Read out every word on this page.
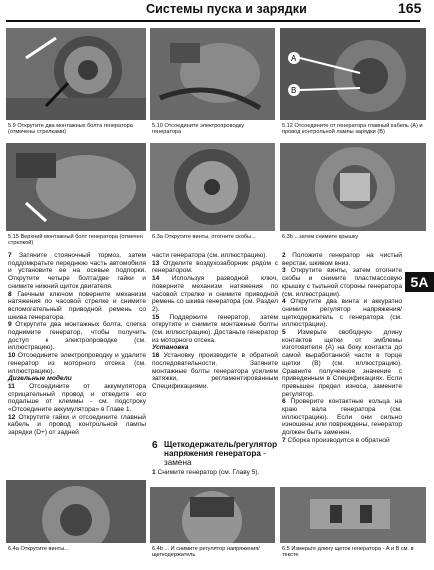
Системы пуска и зарядки	165
A
B
5.9 Открутите два монтажных болта генератора (отмечены стрелками)
5.10 Отсоедините электропроводку генератора
5.12 Отсоедините от генератора главный кабель (A) и провод контрольной лампы зарядки (B)
5.15 Верхний монтажный болт генератора (отмечен стрелкой)
6.3a Открутите винты, отогните скобы...	6.3b ...затем снимите крышку

7 Затяните стояночный тормоз, затем поддомкратьте переднюю часть автомобиля и установите ее на осевые подпорки. Открутите четыре болта/две гайки и снимите нижний щиток двигателя.

8 Гаечным ключом поверните механизм натяжения по часовой стрелке и снимите вспомогательный приводной ремень со шкива генератора.

9 Открутите два монтажных болта, слегка поднимите генератор, чтобы получить доступ к электропроводке (см. иллюстрацию).

10 Отсоедините электропроводку и удалите генератор из моторного отсека (см. иллюстрацию).

Дизельные модели

11 Отсоедините от аккумулятора отрицательный провод и отведите его подальше от клеммы - см. подстроку «Отсоедините аккумулятора» в Главе 1.

12 Открутите гайки и отсоедините главный кабель и провод контрольной лампы зарядки (D+) от задней

части генератора (см. иллюстрацию).

13 Отделите воздухозаборник рядом с генератором.

14 Используя разводной ключ, поверните механизм натяжения по часовой стрелке и снимите приводной ремень со шкива генератора (см. Раздел 2).

15 Поддержите генератор, затем открутите и снимите монтажные болты (см. иллюстрацию). Достаньте генератор из моторного отсека.

Установка

16 Установку производите в обратной последовательности. Затяните монтажные болты генератора усилием затяжки, регламентированным Спецификациями.

6 Щеткодержатель/регулятор напряжения генератора - замена

1 Снимите генератор (см. Главу 5).

2 Положите генератор на чистый верстак, шкивом вниз.

3 Открутите винты, затем отогните скобы и снимите пластмассовую крышку с тыльной стороны генератора (см. иллюстрации).

4 Открутите два винта и аккуратно снимите регулятор напряжения/щеткодержатель с генератора (см. иллюстрации).

5 Измерьте свободную длину контактов щетки от эмблемы изготовителя (A) на боку контакта до самой выработанной части в торце щетки (B) (см. иллюстрацию). Сравните полученное значение с приведенным в Спецификациях. Если превышен предел износа, замените регулятор.

6 Проверите контактные кольца на краю вала генератора (см. иллюстрацию). Если они сильно изношены или повреждены, генератор должен быть заменен.

7 Сборка производится в обратной

5A
6.4a Открутите винты...	6.4b ... И снимите регулятор напряжения/щеткодержатель
6.5 Измерьте длину щеток генератора - A и B см. в тексте
